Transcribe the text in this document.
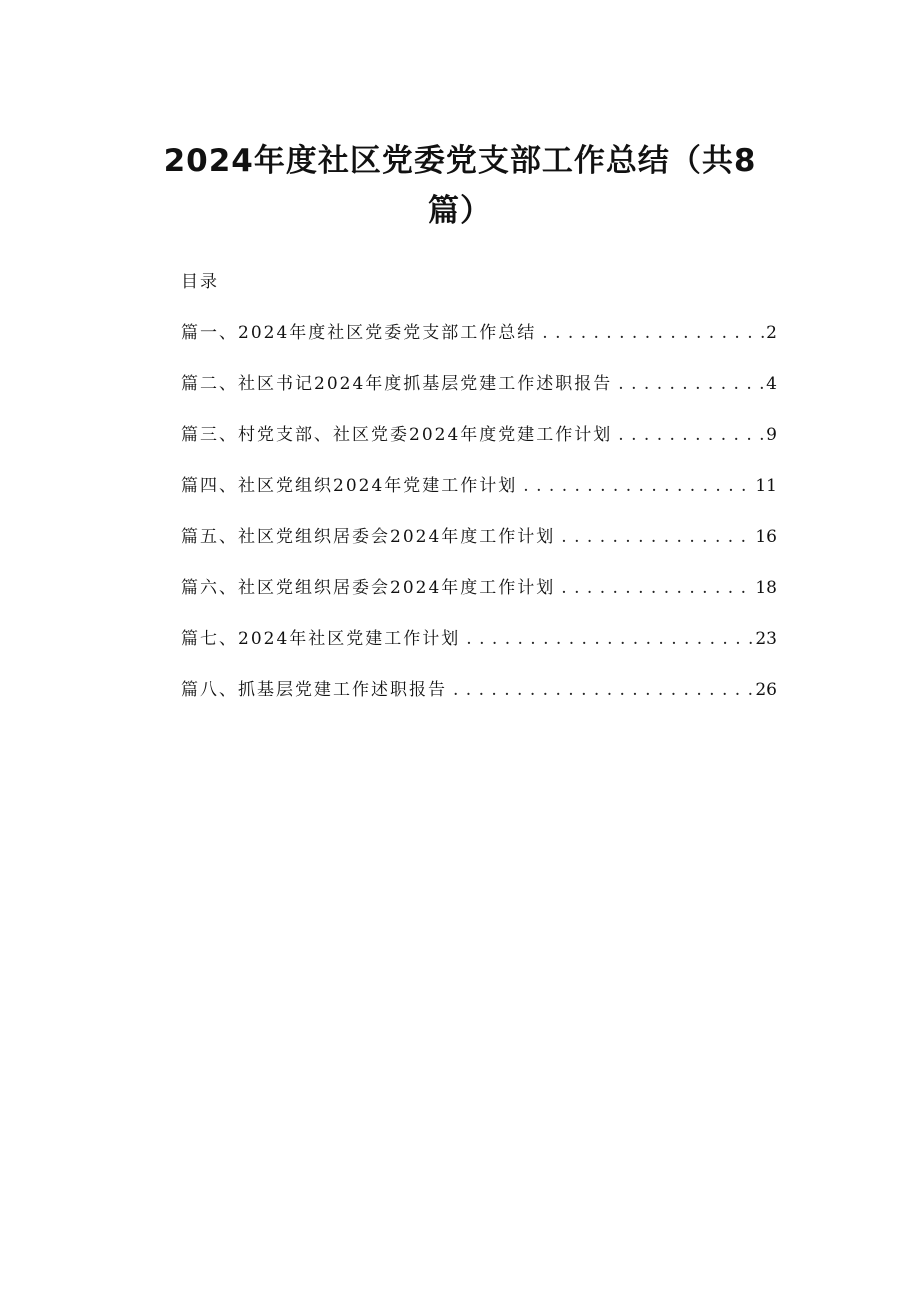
2024年度社区党委党支部工作总结（共8
篇）

目录

篇一、2024年度社区党委党支部工作总结 . . .	2
篇二、社区书记2024年度抓基层党建工作述职报告 . . .	4
篇三、村党支部、社区党委2024年度党建工作计划 . . .	9
篇四、社区党组织2024年党建工作计划 . . .	11
篇五、社区党组织居委会2024年度工作计划 . . .	16
篇六、社区党组织居委会2024年度工作计划 . . .	18
篇七、2024年社区党建工作计划 . . .	23
篇八、抓基层党建工作述职报告 . . .	26
